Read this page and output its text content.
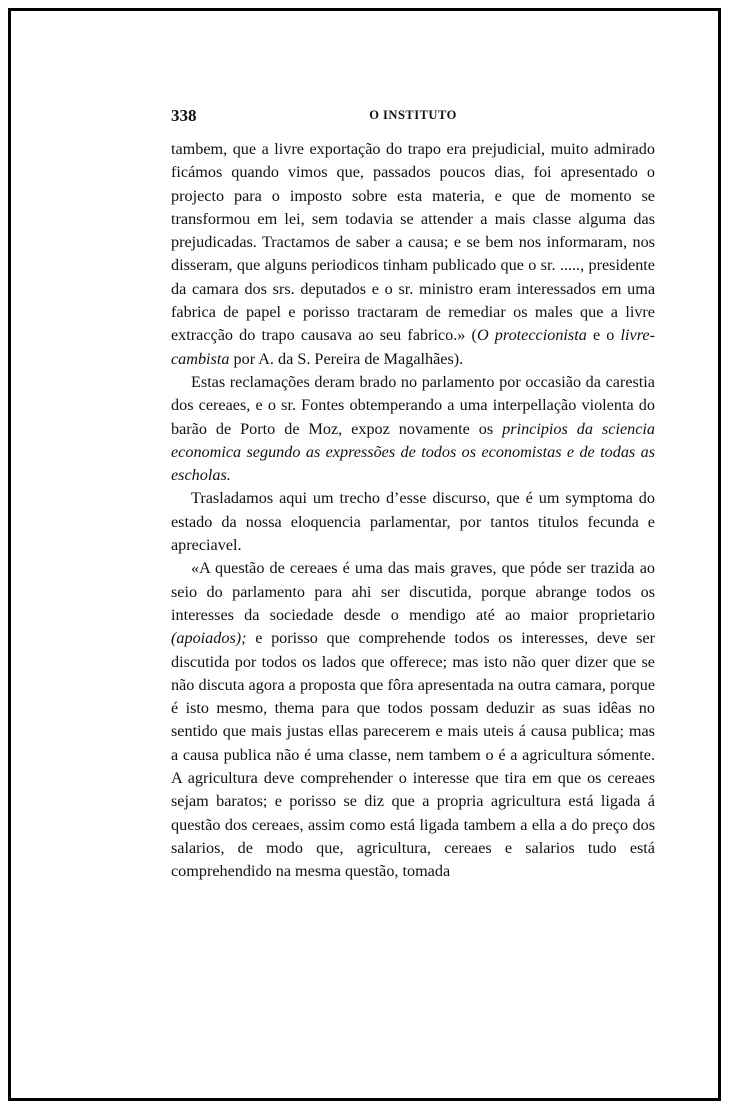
338	O INSTITUTO

tambem, que a livre exportação do trapo era prejudicial, muito admirado ficámos quando vimos que, passados poucos dias, foi apresentado o projecto para o imposto sobre esta materia, e que de momento se transformou em lei, sem todavia se attender a mais classe alguma das prejudicadas. Tractamos de saber a causa; e se bem nos informaram, nos disseram, que alguns periodicos tinham publicado que o sr. ....., presidente da camara dos srs. deputados e o sr. ministro eram interessados em uma fabrica de papel e porisso tractaram de remediar os males que a livre extracção do trapo causava ao seu fabrico.» (O proteccionista e o livre-cambista por A. da S. Pereira de Magalhães).

Estas reclamações deram brado no parlamento por occasião da carestia dos cereaes, e o sr. Fontes obtemperando a uma interpellação violenta do barão de Porto de Moz, expoz novamente os principios da sciencia economica segundo as expressões de todos os economistas e de todas as escholas.

Trasladamos aqui um trecho d’esse discurso, que é um symptoma do estado da nossa eloquencia parlamentar, por tantos titulos fecunda e apreciavel.

«A questão de cereaes é uma das mais graves, que póde ser trazida ao seio do parlamento para ahi ser discutida, porque abrange todos os interesses da sociedade desde o mendigo até ao maior proprietario (apoiados); e porisso que comprehende todos os interesses, deve ser discutida por todos os lados que offerece; mas isto não quer dizer que se não discuta agora a proposta que fôra apresentada na outra camara, porque é isto mesmo, thema para que todos possam deduzir as suas idêas no sentido que mais justas ellas parecerem e mais uteis á causa publica; mas a causa publica não é uma classe, nem tambem o é a agricultura sómente. A agricultura deve comprehender o interesse que tira em que os cereaes sejam baratos; e porisso se diz que a propria agricultura está ligada á questão dos cereaes, assim como está ligada tambem a ella a do preço dos salarios, de modo que, agricultura, cereaes e salarios tudo está comprehendido na mesma questão, tomada
